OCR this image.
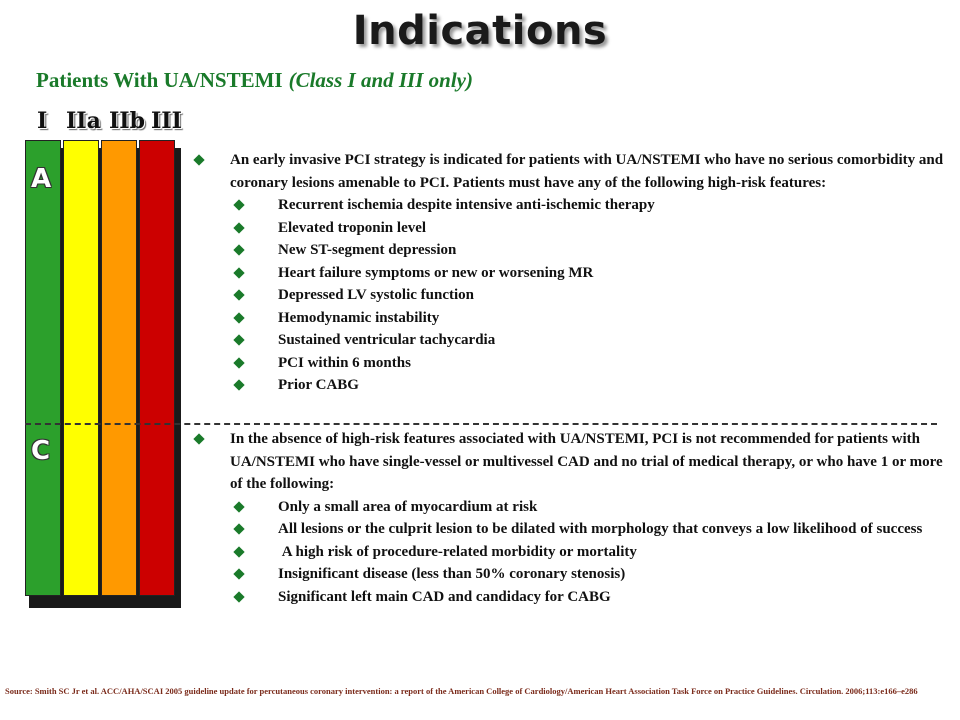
Indications
Patients With UA/NSTEMI (Class I and III only)
I IIa IIb III
A
C
An early invasive PCI strategy is indicated for patients with UA/NSTEMI who have no serious comorbidity and coronary lesions amenable to PCI. Patients must have any of the following high-risk features:
Recurrent ischemia despite intensive anti-ischemic therapy
Elevated troponin level
New ST-segment depression
Heart failure symptoms or new or worsening MR
Depressed LV systolic function
Hemodynamic instability
Sustained ventricular tachycardia
PCI within 6 months
Prior CABG
In the absence of high-risk features associated with UA/NSTEMI, PCI is not recommended for patients with UA/NSTEMI who have single-vessel or multivessel CAD and no trial of medical therapy, or who have 1 or more of the following:
Only a small area of myocardium at risk
All lesions or the culprit lesion to be dilated with morphology that conveys a low likelihood of success
A high risk of procedure-related morbidity or mortality
Insignificant disease (less than 50% coronary stenosis)
Significant left main CAD and candidacy for CABG
Source: Smith SC Jr et al. ACC/AHA/SCAI 2005 guideline update for percutaneous coronary intervention: a report of the American College of Cardiology/American Heart Association Task Force on Practice Guidelines. Circulation. 2006;113:e166–e286
